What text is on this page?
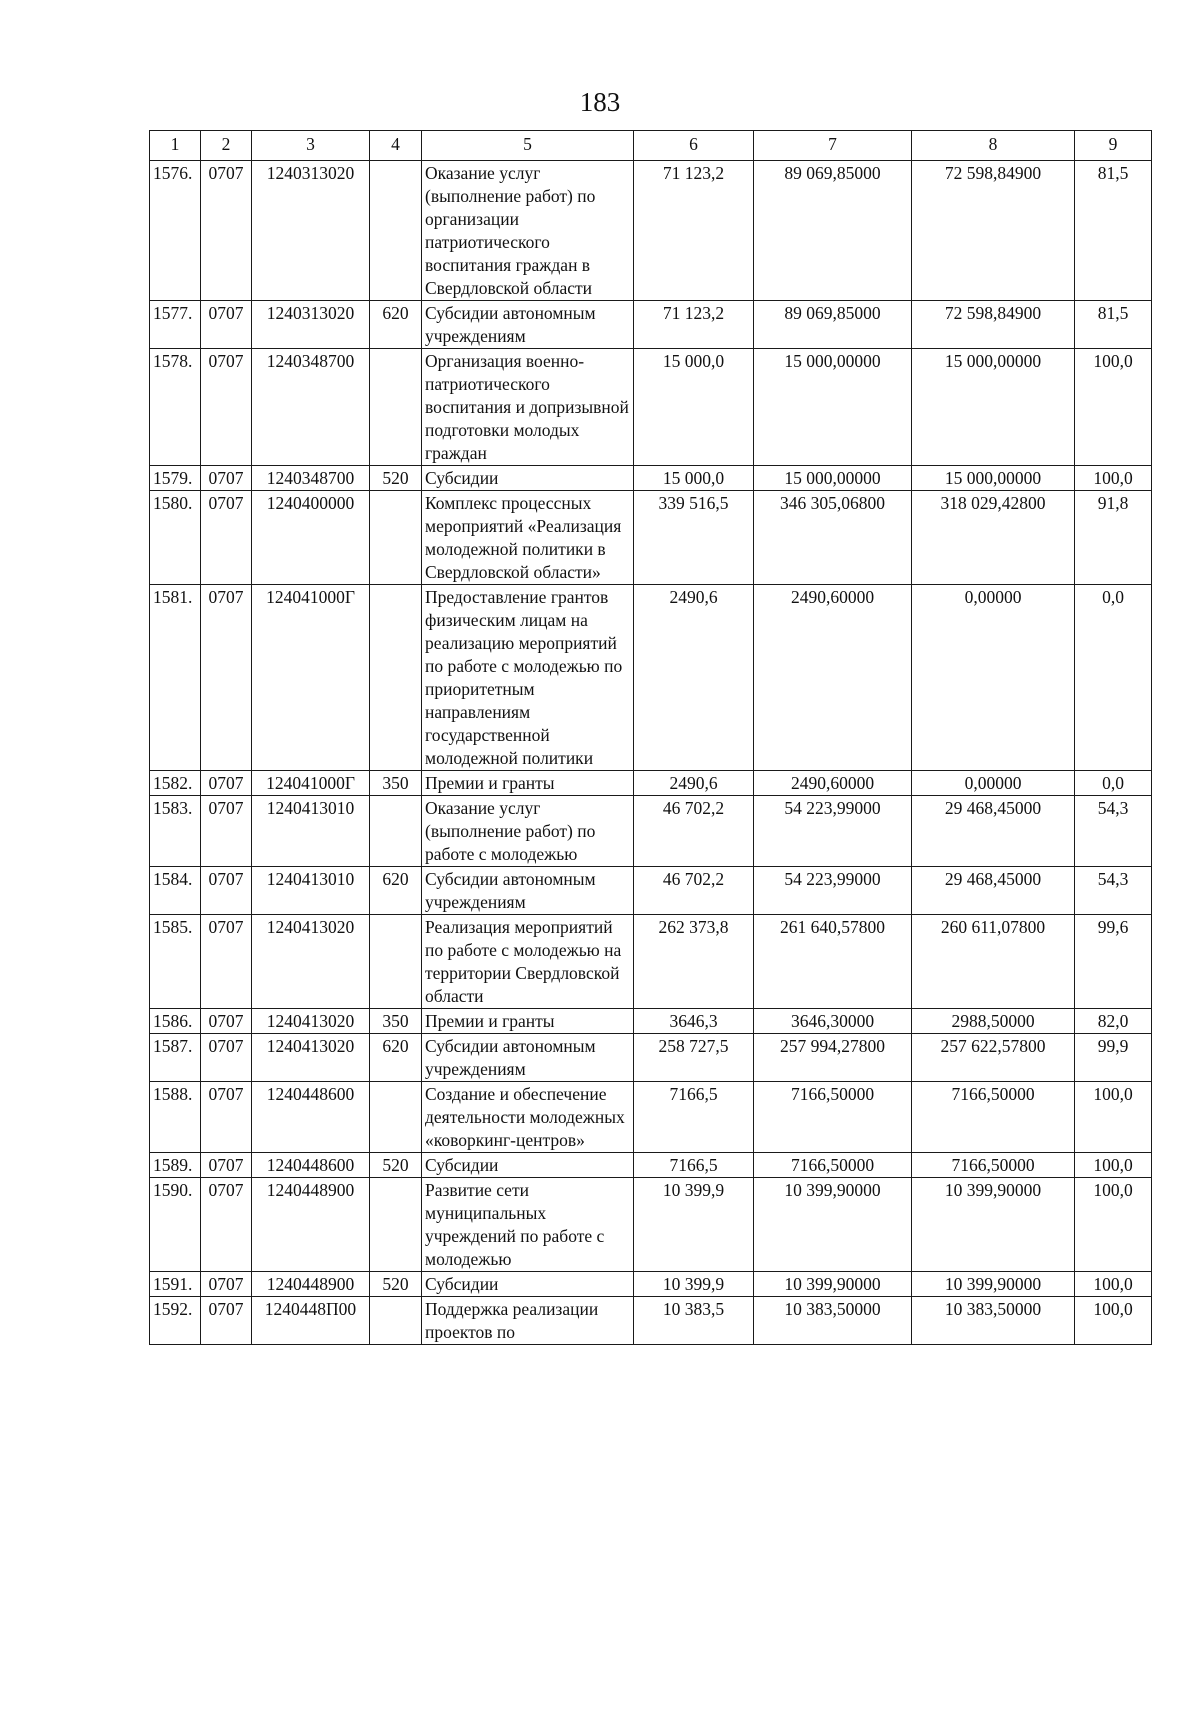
183
1	2	3	4	5	6	7	8	9
1576.	0707	1240313020		Оказание услуг (выполнение работ) по организации патриотического воспитания граждан в Свердловской области	71 123,2	89 069,85000	72 598,84900	81,5
1577.	0707	1240313020	620	Субсидии автономным учреждениям	71 123,2	89 069,85000	72 598,84900	81,5
1578.	0707	1240348700		Организация военно-патриотического воспитания и допризывной подготовки молодых граждан	15 000,0	15 000,00000	15 000,00000	100,0
1579.	0707	1240348700	520	Субсидии	15 000,0	15 000,00000	15 000,00000	100,0
1580.	0707	1240400000		Комплекс процессных мероприятий «Реализация молодежной политики в Свердловской области»	339 516,5	346 305,06800	318 029,42800	91,8
1581.	0707	124041000Г		Предоставление грантов физическим лицам на реализацию мероприятий по работе с молодежью по приоритетным направлениям государственной молодежной политики	2490,6	2490,60000	0,00000	0,0
1582.	0707	124041000Г	350	Премии и гранты	2490,6	2490,60000	0,00000	0,0
1583.	0707	1240413010		Оказание услуг (выполнение работ) по работе с молодежью	46 702,2	54 223,99000	29 468,45000	54,3
1584.	0707	1240413010	620	Субсидии автономным учреждениям	46 702,2	54 223,99000	29 468,45000	54,3
1585.	0707	1240413020		Реализация мероприятий по работе с молодежью на территории Свердловской области	262 373,8	261 640,57800	260 611,07800	99,6
1586.	0707	1240413020	350	Премии и гранты	3646,3	3646,30000	2988,50000	82,0
1587.	0707	1240413020	620	Субсидии автономным учреждениям	258 727,5	257 994,27800	257 622,57800	99,9
1588.	0707	1240448600		Создание и обеспечение деятельности молодежных «коворкинг-центров»	7166,5	7166,50000	7166,50000	100,0
1589.	0707	1240448600	520	Субсидии	7166,5	7166,50000	7166,50000	100,0
1590.	0707	1240448900		Развитие сети муниципальных учреждений по работе с молодежью	10 399,9	10 399,90000	10 399,90000	100,0
1591.	0707	1240448900	520	Субсидии	10 399,9	10 399,90000	10 399,90000	100,0
1592.	0707	1240448П00		Поддержка реализации проектов по	10 383,5	10 383,50000	10 383,50000	100,0
